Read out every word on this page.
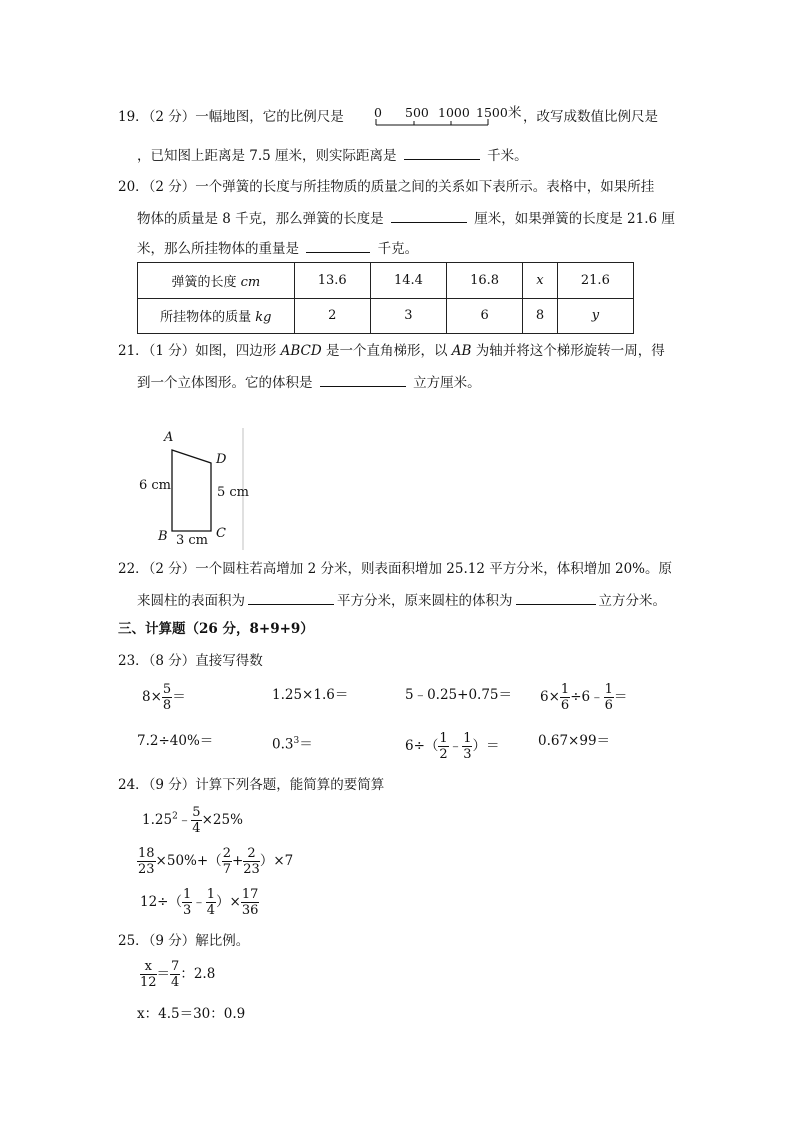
19．（2 分）一幅地图，它的比例尺是 0 500 1000 1500 米 ，改写成数值比例尺是
，已知图上距离是 7.5 厘米，则实际距离是	千米。
20．（2 分）一个弹簧的长度与所挂物质的质量之间的关系如下表所示。表格中，如果所挂
物体的质量是 8 千克，那么弹簧的长度是	厘米，如果弹簧的长度是 21.6 厘
米，那么所挂物体的重量是	千克。
弹簧的长度 cm	13.6	14.4	16.8	x	21.6
所挂物体的质量 kg	2	3	6	8	y
21．（1 分）如图，四边形 ABCD 是一个直角梯形，以 AB 为轴并将这个梯形旋转一周，得
到一个立体图形。它的体积是	立方厘米。
A
D
B	C
6 cm	5 cm
3 cm
22．（2 分）一个圆柱若高增加 2 分米，则表面积增加 25.12 平方分米，体积增加 20%。原
来圆柱的表面积为	平方分米，原来圆柱的体积为	立方分米。
三、计算题（26 分，8+9+9）
23．（8 分）直接写得数
$8\times \frac{5}{8}$ ＝	1.25×1.6＝	5﹣0.25+0.75＝ $6\times \frac{1}{6}$ ÷6﹣ $\frac{1}{6}$ ＝
7.2÷40%＝	$0.3^3=$	$6\div( \frac{1}{2}$ ﹣ $\frac{1}{3}$ ）＝	0.67×99＝
24．（9 分）计算下列各题，能简算的要简算
1.25$^2$﹣ $\frac{5}{4} \times 25\%$
$\frac{18}{23} \times 50\%+( \frac{2}{7} + \frac{2}{23} )\times 7$
$12\div( \frac{1}{3}$ ﹣ $\frac{1}{4}$ ）× $\frac{17}{36}$
25．（9 分）解比例。
$\frac{x}{12} = \frac{7}{4}$ ：2.8
x：4.5＝30：0.9
